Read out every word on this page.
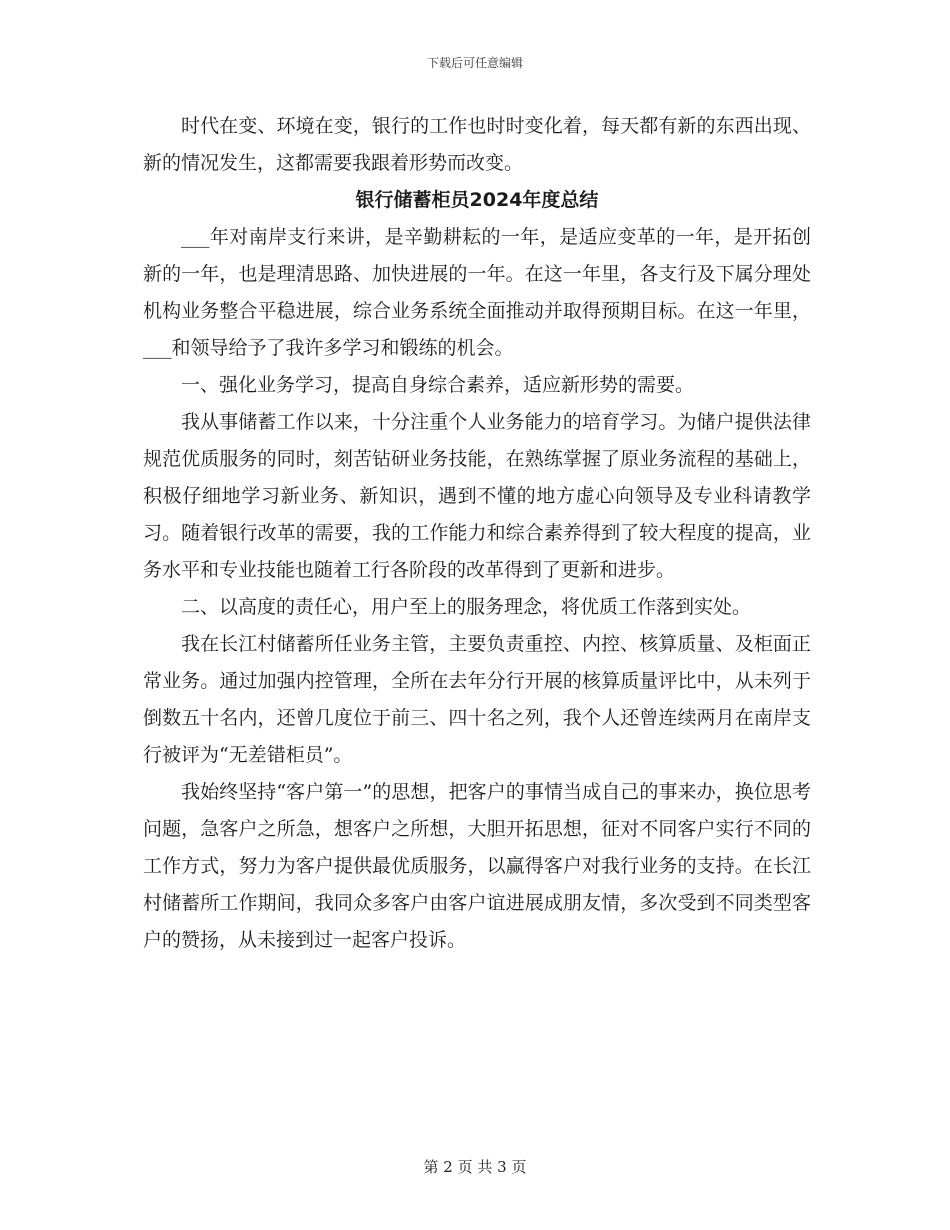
下载后可任意编辑

时代在变、环境在变，银行的工作也时时变化着，每天都有新的东西出现、新的情况发生，这都需要我跟着形势而改变。

银行储蓄柜员2024年度总结

___年对南岸支行来讲，是辛勤耕耘的一年，是适应变革的一年，是开拓创新的一年，也是理清思路、加快进展的一年。在这一年里，各支行及下属分理处机构业务整合平稳进展，综合业务系统全面推动并取得预期目标。在这一年里，___和领导给予了我许多学习和锻练的机会。

一、强化业务学习，提高自身综合素养，适应新形势的需要。

我从事储蓄工作以来，十分注重个人业务能力的培育学习。为储户提供法律规范优质服务的同时，刻苦钻研业务技能，在熟练掌握了原业务流程的基础上，积极仔细地学习新业务、新知识，遇到不懂的地方虚心向领导及专业科请教学习。随着银行改革的需要，我的工作能力和综合素养得到了较大程度的提高，业务水平和专业技能也随着工行各阶段的改革得到了更新和进步。

二、以高度的责任心，用户至上的服务理念，将优质工作落到实处。

我在长江村储蓄所任业务主管，主要负责重控、内控、核算质量、及柜面正常业务。通过加强内控管理，全所在去年分行开展的核算质量评比中，从未列于倒数五十名内，还曾几度位于前三、四十名之列，我个人还曾连续两月在南岸支行被评为“无差错柜员”。

我始终坚持“客户第一”的思想，把客户的事情当成自己的事来办，换位思考问题，急客户之所急，想客户之所想，大胆开拓思想，征对不同客户实行不同的工作方式，努力为客户提供最优质服务，以赢得客户对我行业务的支持。在长江村储蓄所工作期间，我同众多客户由客户谊进展成朋友情，多次受到不同类型客户的赞扬，从未接到过一起客户投诉。

第 2 页 共 3 页
